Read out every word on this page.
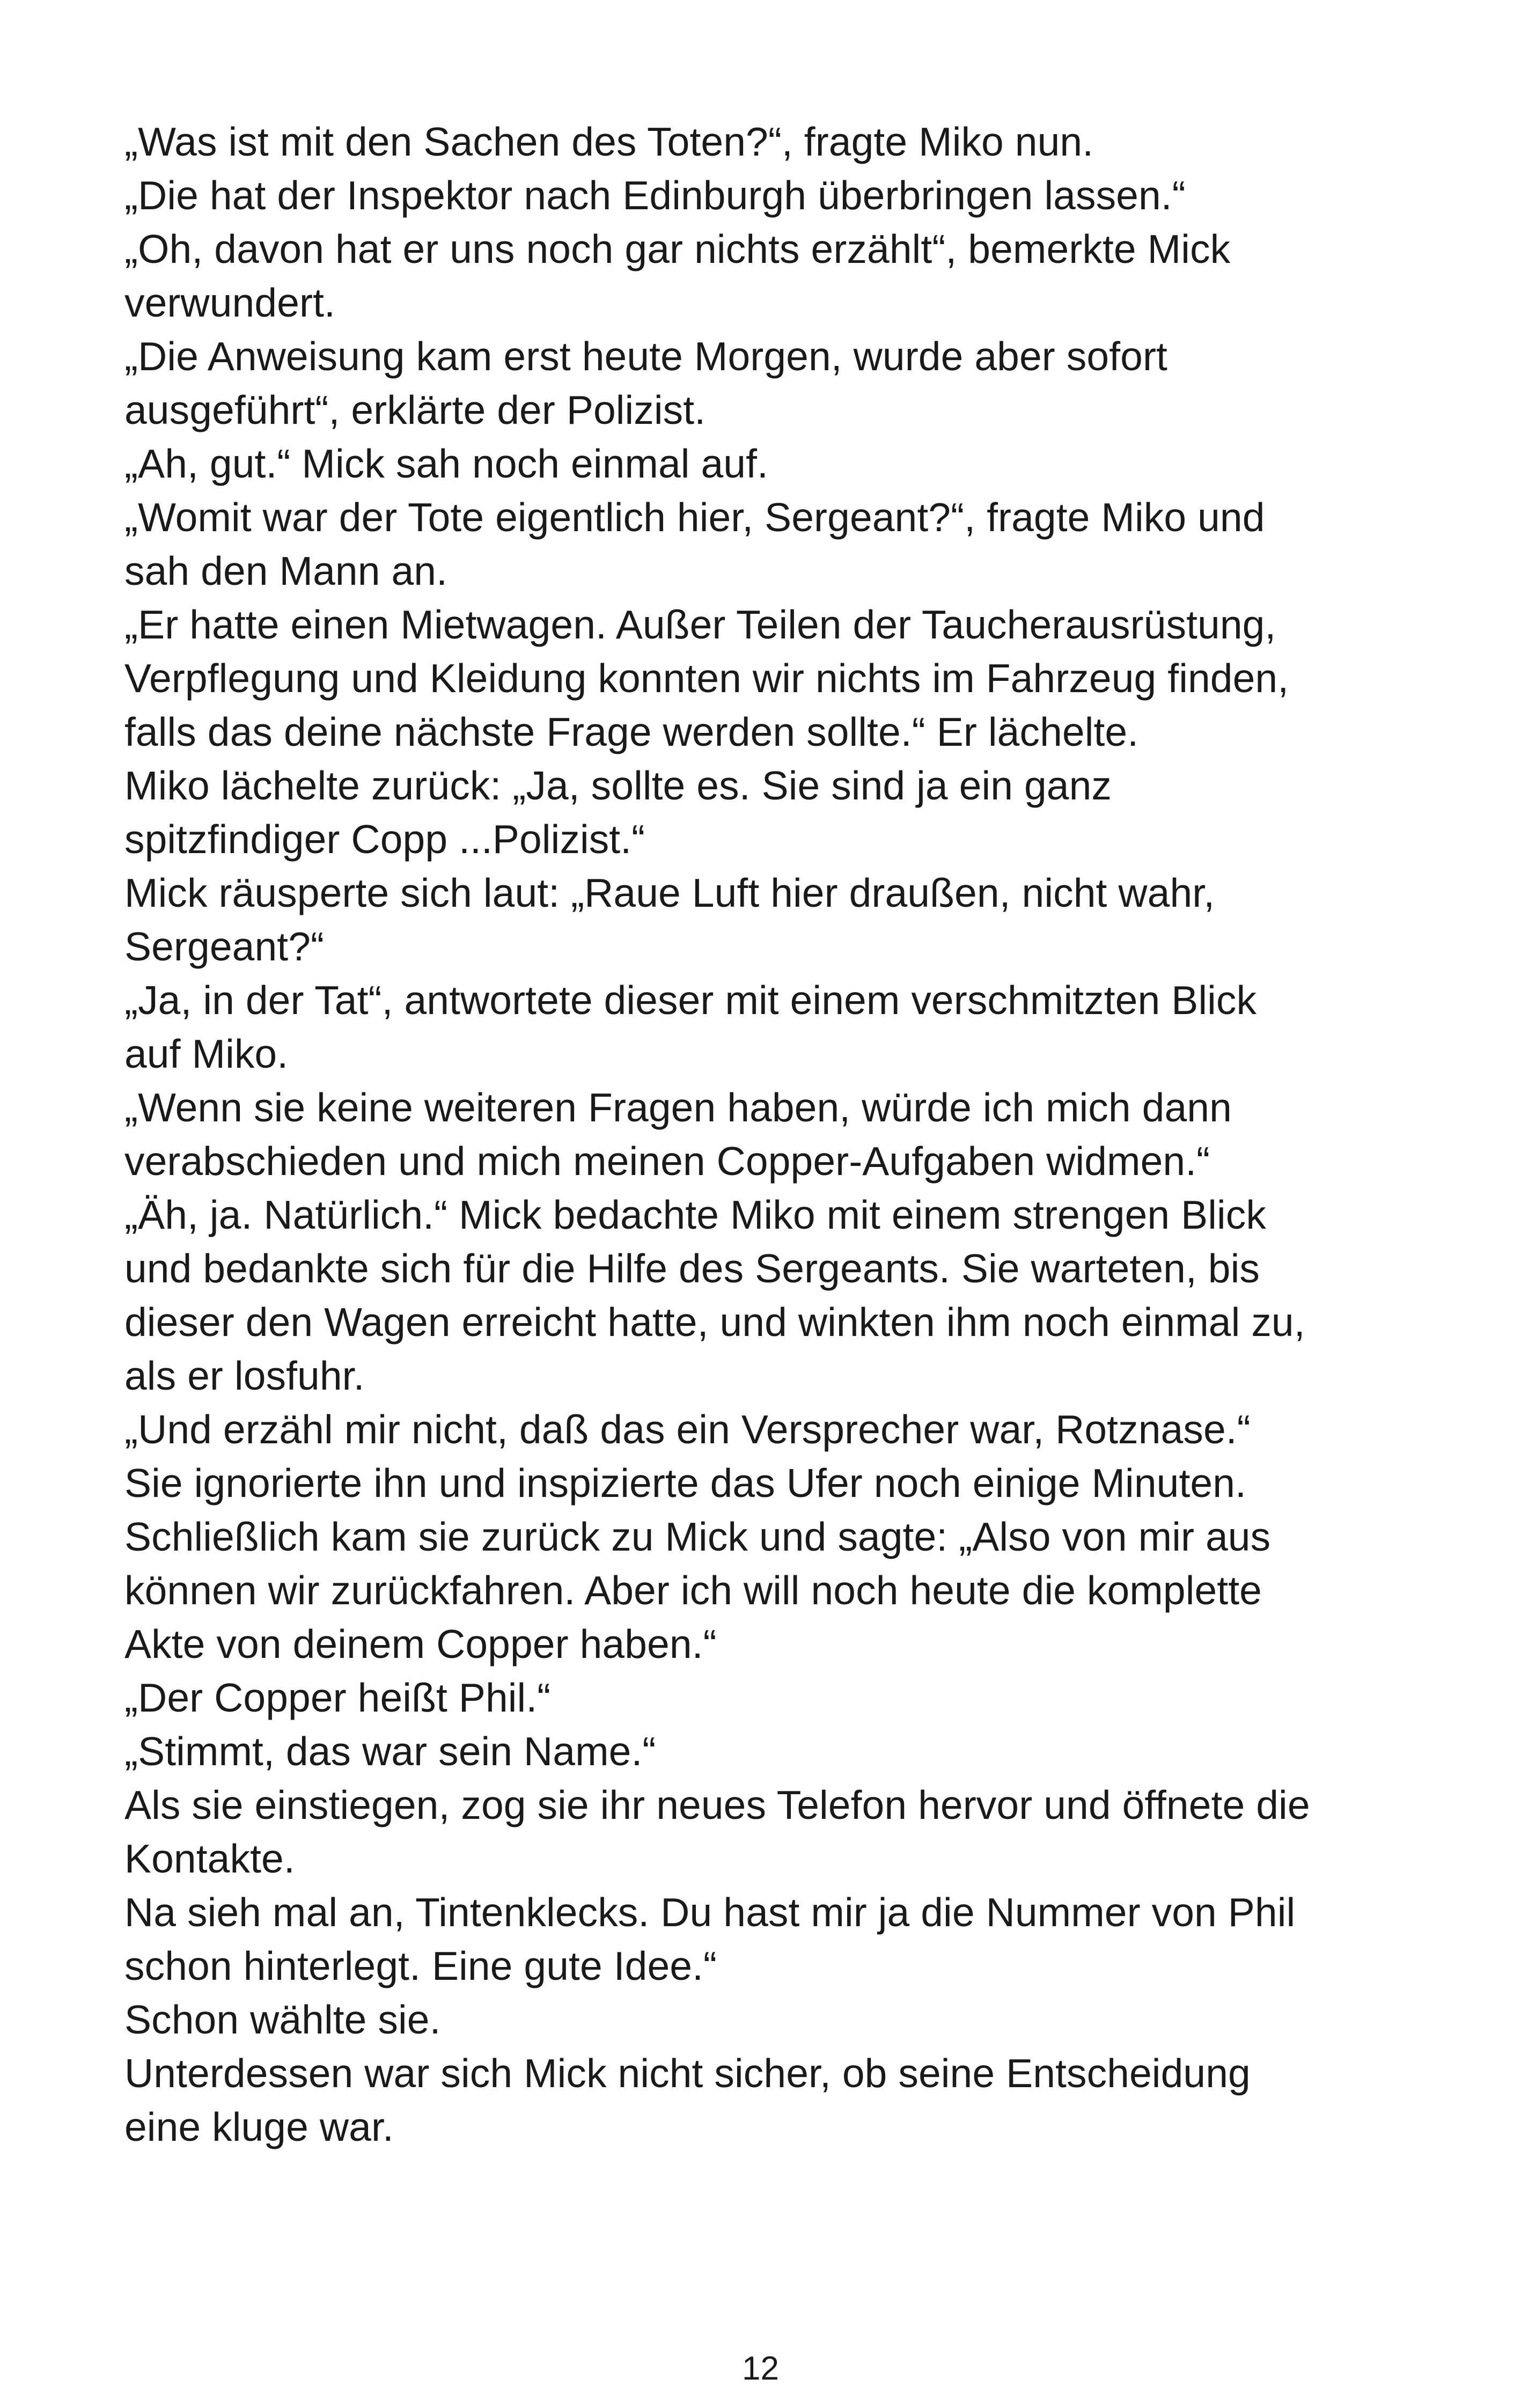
„Was ist mit den Sachen des Toten?“, fragte Miko nun.
„Die hat der Inspektor nach Edinburgh überbringen lassen.“
„Oh, davon hat er uns noch gar nichts erzählt“, bemerkte Mick
verwundert.
„Die Anweisung kam erst heute Morgen, wurde aber sofort
ausgeführt“, erklärte der Polizist.
„Ah, gut.“ Mick sah noch einmal auf.
„Womit war der Tote eigentlich hier, Sergeant?“, fragte Miko und
sah den Mann an.
„Er hatte einen Mietwagen. Außer Teilen der Taucherausrüstung,
Verpflegung und Kleidung konnten wir nichts im Fahrzeug finden,
falls das deine nächste Frage werden sollte.“ Er lächelte.
Miko lächelte zurück: „Ja, sollte es. Sie sind ja ein ganz
spitzfindiger Copp ...Polizist.“
Mick räusperte sich laut: „Raue Luft hier draußen, nicht wahr,
Sergeant?“
„Ja, in der Tat“, antwortete dieser mit einem verschmitzten Blick
auf Miko.
„Wenn sie keine weiteren Fragen haben, würde ich mich dann
verabschieden und mich meinen Copper-Aufgaben widmen.“
„Äh, ja. Natürlich.“ Mick bedachte Miko mit einem strengen Blick
und bedankte sich für die Hilfe des Sergeants. Sie warteten, bis
dieser den Wagen erreicht hatte, und winkten ihm noch einmal zu,
als er losfuhr.
„Und erzähl mir nicht, daß das ein Versprecher war, Rotznase.“
Sie ignorierte ihn und inspizierte das Ufer noch einige Minuten.
Schließlich kam sie zurück zu Mick und sagte: „Also von mir aus
können wir zurückfahren. Aber ich will noch heute die komplette
Akte von deinem Copper haben.“
„Der Copper heißt Phil.“
„Stimmt, das war sein Name.“
Als sie einstiegen, zog sie ihr neues Telefon hervor und öffnete die
Kontakte.
Na sieh mal an, Tintenklecks. Du hast mir ja die Nummer von Phil
schon hinterlegt. Eine gute Idee.“
Schon wählte sie.
Unterdessen war sich Mick nicht sicher, ob seine Entscheidung
eine kluge war.
12
